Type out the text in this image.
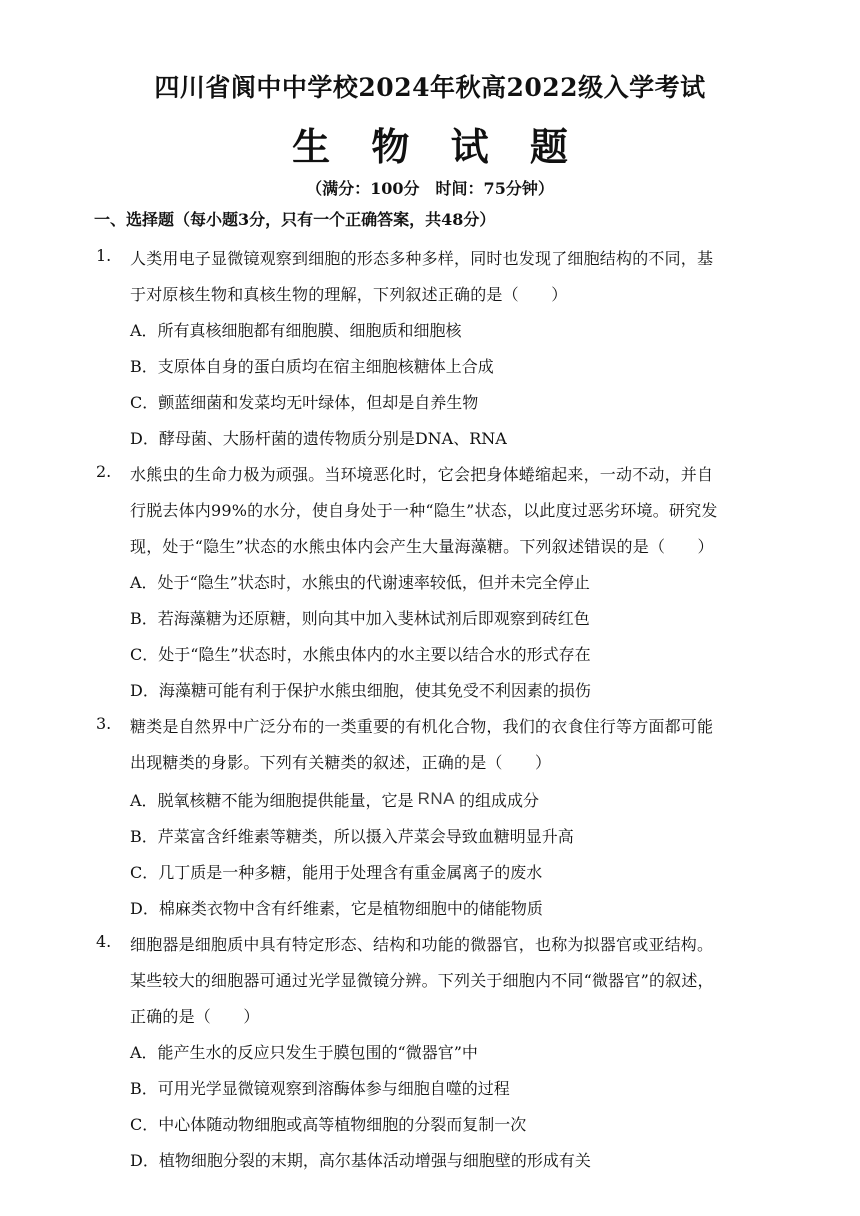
四川省阆中中学校2024年秋高2022级入学考试
生 物 试 题
（满分：100分　时间：75分钟）
一、选择题（每小题3分，只有一个正确答案，共48分）
1. 人类用电子显微镜观察到细胞的形态多种多样，同时也发现了细胞结构的不同，基
于对原核生物和真核生物的理解，下列叙述正确的是（　　）
A．所有真核细胞都有细胞膜、细胞质和细胞核
B．支原体自身的蛋白质均在宿主细胞核糖体上合成
C．颤蓝细菌和发菜均无叶绿体，但却是自养生物
D．酵母菌、大肠杆菌的遗传物质分别是DNA、RNA
2. 水熊虫的生命力极为顽强。当环境恶化时，它会把身体蜷缩起来，一动不动，并自
行脱去体内99%的水分，使自身处于一种“隐生”状态，以此度过恶劣环境。研究发
现，处于“隐生”状态的水熊虫体内会产生大量海藻糖。下列叙述错误的是（　　）
A．处于“隐生”状态时，水熊虫的代谢速率较低，但并未完全停止
B．若海藻糖为还原糖，则向其中加入斐林试剂后即观察到砖红色
C．处于“隐生”状态时，水熊虫体内的水主要以结合水的形式存在
D．海藻糖可能有利于保护水熊虫细胞，使其免受不利因素的损伤
3. 糖类是自然界中广泛分布的一类重要的有机化合物，我们的衣食住行等方面都可能
出现糖类的身影。下列有关糖类的叙述，正确的是（　　）
A．脱氧核糖不能为细胞提供能量，它是 RNA 的组成成分
B．芹菜富含纤维素等糖类，所以摄入芹菜会导致血糖明显升高
C．几丁质是一种多糖，能用于处理含有重金属离子的废水
D．棉麻类衣物中含有纤维素，它是植物细胞中的储能物质
4. 细胞器是细胞质中具有特定形态、结构和功能的微器官，也称为拟器官或亚结构。
某些较大的细胞器可通过光学显微镜分辨。下列关于细胞内不同“微器官”的叙述，
正确的是（　　）
A．能产生水的反应只发生于膜包围的“微器官”中
B．可用光学显微镜观察到溶酶体参与细胞自噬的过程
C．中心体随动物细胞或高等植物细胞的分裂而复制一次
D．植物细胞分裂的末期，高尔基体活动增强与细胞壁的形成有关
